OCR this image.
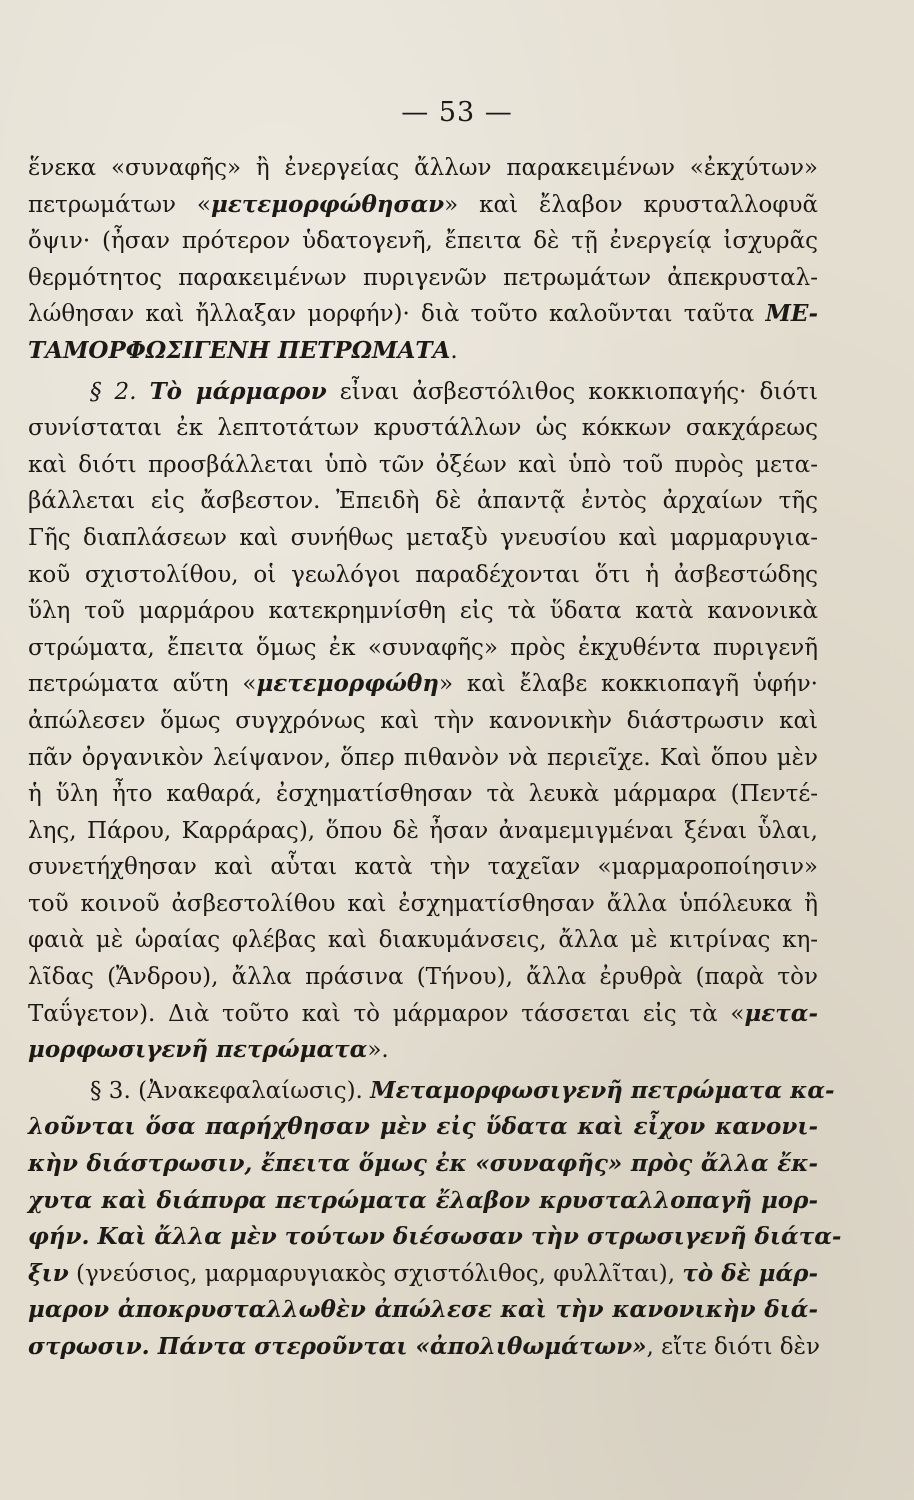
— 53 —
ἕνεκα «συναφῆς» ἢ ἐνεργείας ἄλλων παρακειμένων «ἐκχύτων»
πετρωμάτων «μετεμορφώθησαν» καὶ ἔλαβον κρυσταλλοφυᾶ
ὄψιν· (ἦσαν πρότερον ὑδατογενῆ, ἔπειτα δὲ τῇ ἐνεργείᾳ ἰσχυρᾶς
θερμότητος παρακειμένων πυριγενῶν πετρωμάτων ἀπεκρυσταλ-
λώθησαν καὶ ἤλλαξαν μορφήν)· διὰ τοῦτο καλοῦνται ταῦτα ΜΕ-
ΤΑΜΟΡΦΩΣΙΓΕΝΗ ΠΕΤΡΩΜΑΤΑ.
§ 2. Τὸ μάρμαρον εἶναι ἀσβεστόλιθος κοκκιοπαγής· διότι
συνίσταται ἐκ λεπτοτάτων κρυστάλλων ὡς κόκκων σακχάρεως
καὶ διότι προσβάλλεται ὑπὸ τῶν ὀξέων καὶ ὑπὸ τοῦ πυρὸς μετα-
βάλλεται εἰς ἄσβεστον. Ἐπειδὴ δὲ ἀπαντᾷ ἐντὸς ἀρχαίων τῆς
Γῆς διαπλάσεων καὶ συνήθως μεταξὺ γνευσίου καὶ μαρμαρυγια-
κοῦ σχιστολίθου, οἱ γεωλόγοι παραδέχονται ὅτι ἡ ἀσβεστώδης
ὕλη τοῦ μαρμάρου κατεκρημνίσθη εἰς τὰ ὕδατα κατὰ κανονικὰ
στρώματα, ἔπειτα ὅμως ἐκ «συναφῆς» πρὸς ἐκχυθέντα πυριγενῆ
πετρώματα αὕτη «μετεμορφώθη» καὶ ἔλαβε κοκκιοπαγῆ ὑφήν·
ἀπώλεσεν ὅμως συγχρόνως καὶ τὴν κανονικὴν διάστρωσιν καὶ
πᾶν ὀργανικὸν λείψανον, ὅπερ πιθανὸν νὰ περιεῖχε. Καὶ ὅπου μὲν
ἡ ὕλη ἦτο καθαρά, ἐσχηματίσθησαν τὰ λευκὰ μάρμαρα (Πεντέ-
λης, Πάρου, Καρράρας), ὅπου δὲ ἦσαν ἀναμεμιγμέναι ξέναι ὗλαι,
συνετήχθησαν καὶ αὗται κατὰ τὴν ταχεῖαν «μαρμαροποίησιν»
τοῦ κοινοῦ ἀσβεστολίθου καὶ ἐσχηματίσθησαν ἄλλα ὑπόλευκα ἢ
φαιὰ μὲ ὡραίας φλέβας καὶ διακυμάνσεις, ἄλλα μὲ κιτρίνας κη-
λῖδας (Ἄνδρου), ἄλλα πράσινα (Τήνου), ἄλλα ἐρυθρὰ (παρὰ τὸν
Ταΰγετον). Διὰ τοῦτο καὶ τὸ μάρμαρον τάσσεται εἰς τὰ «μετα-
μορφωσιγενῆ πετρώματα».
§ 3. (Ἀνακεφαλαίωσις). Μεταμορφωσιγενῆ πετρώματα κα-
λοῦνται ὅσα παρήχθησαν μὲν εἰς ὕδατα καὶ εἶχον κανονι-
κὴν διάστρωσιν, ἔπειτα ὅμως ἐκ «συναφῆς» πρὸς ἄλλα ἔκ-
χυτα καὶ διάπυρα πετρώματα ἔλαβον κρυσταλλοπαγῆ μορ-
φήν. Καὶ ἄλλα μὲν τούτων διέσωσαν τὴν στρωσιγενῆ διάτα-
ξιν (γνεύσιος, μαρμαρυγιακὸς σχιστόλιθος, φυλλῖται), τὸ δὲ μάρ-
μαρον ἀποκρυσταλλωθὲν ἀπώλεσε καὶ τὴν κανονικὴν διά-
στρωσιν. Πάντα στεροῦνται «ἀπολιθωμάτων», εἴτε διότι δὲν
